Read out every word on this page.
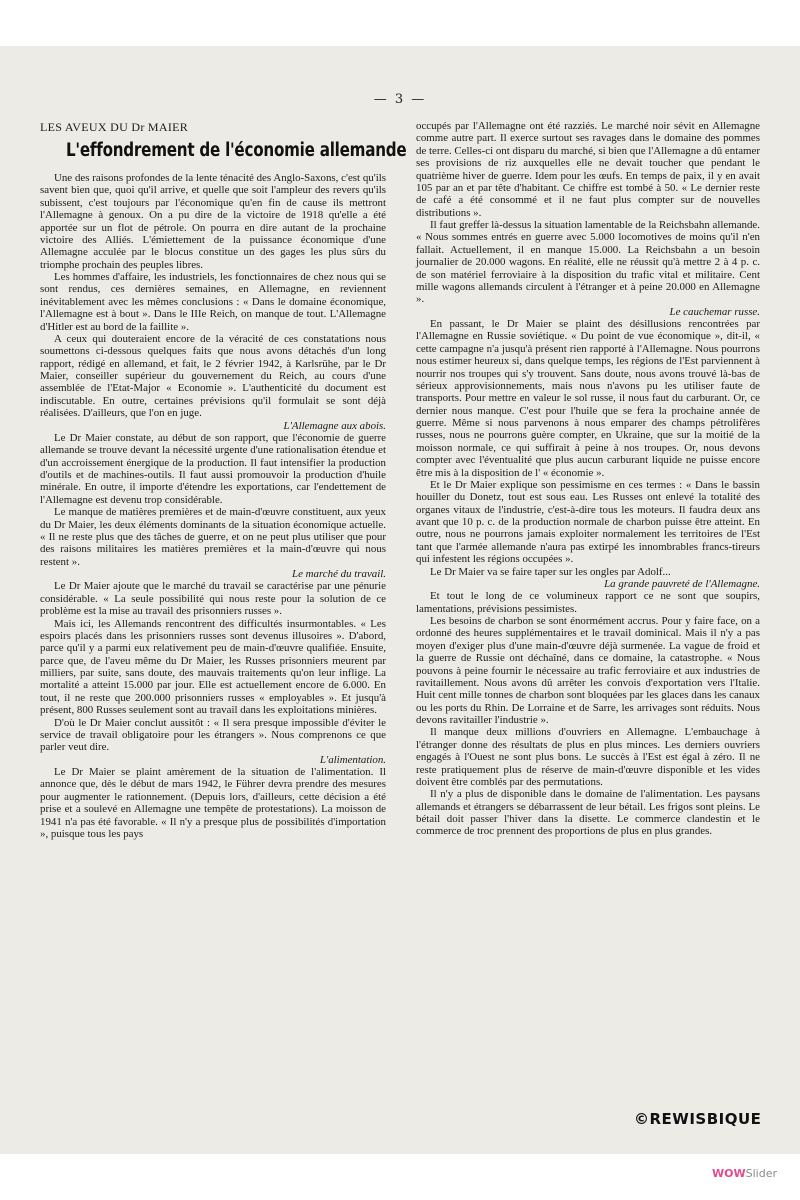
— 3 —

LES AVEUX DU Dr MAIER

L'effondrement de l'économie allemande

Une des raisons profondes de la lente ténacité des Anglo-Saxons, c'est qu'ils savent bien que, quoi qu'il arrive, et quelle que soit l'ampleur des revers qu'ils subissent, c'est toujours par l'économique qu'en fin de cause ils mettront l'Allemagne à genoux. On a pu dire de la victoire de 1918 qu'elle a été apportée sur un flot de pétrole. On pourra en dire autant de la prochaine victoire des Alliés. L'émiettement de la puissance économique d'une Allemagne acculée par le blocus constitue un des gages les plus sûrs du triomphe prochain des peuples libres.

Les hommes d'affaire, les industriels, les fonctionnaires de chez nous qui se sont rendus, ces dernières semaines, en Allemagne, en reviennent inévitablement avec les mêmes conclusions : « Dans le domaine économique, l'Allemagne est à bout ». Dans le IIIe Reich, on manque de tout. L'Allemagne d'Hitler est au bord de la faillite ».

A ceux qui douteraient encore de la véracité de ces constatations nous soumettons ci-dessous quelques faits que nous avons détachés d'un long rapport, rédigé en allemand, et fait, le 2 février 1942, à Karlsrühe, par le Dr Maier, conseiller supérieur du gouvernement du Reich, au cours d'une assemblée de l'Etat-Major « Economie ». L'authenticité du document est indiscutable. En outre, certaines prévisions qu'il formulait se sont déjà réalisées. D'ailleurs, que l'on en juge.

L'Allemagne aux abois.

Le Dr Maier constate, au début de son rapport, que l'économie de guerre allemande se trouve devant la nécessité urgente d'une rationalisation étendue et d'un accroissement énergique de la production. Il faut intensifier la production d'outils et de machines-outils. Il faut aussi promouvoir la production d'huile minérale. En outre, il importe d'étendre les exportations, car l'endettement de l'Allemagne est devenu trop considérable.

Le manque de matières premières et de main-d'œuvre constituent, aux yeux du Dr Maier, les deux éléments dominants de la situation économique actuelle. « Il ne reste plus que des tâches de guerre, et on ne peut plus utiliser que pour des raisons militaires les matières premières et la main-d'œuvre qui nous restent ».

Le marché du travail.

Le Dr Maier ajoute que le marché du travail se caractérise par une pénurie considérable. « La seule possibilité qui nous reste pour la solution de ce problème est la mise au travail des prisonniers russes ».

Mais ici, les Allemands rencontrent des difficultés insurmontables. « Les espoirs placés dans les prisonniers russes sont devenus illusoires ». D'abord, parce qu'il y a parmi eux relativement peu de main-d'œuvre qualifiée. Ensuite, parce que, de l'aveu même du Dr Maier, les Russes prisonniers meurent par milliers, par suite, sans doute, des mauvais traitements qu'on leur inflige. La mortalité a atteint 15.000 par jour. Elle est actuellement encore de 6.000. En tout, il ne reste que 200.000 prisonniers russes « employables ». Et jusqu'à présent, 800 Russes seulement sont au travail dans les exploitations minières.

D'où le Dr Maier conclut aussitôt : « Il sera presque impossible d'éviter le service de travail obligatoire pour les étrangers ». Nous comprenons ce que parler veut dire.

L'alimentation.

Le Dr Maier se plaint amèrement de la situation de l'alimentation. Il annonce que, dès le début de mars 1942, le Führer devra prendre des mesures pour augmenter le rationnement. (Depuis lors, d'ailleurs, cette décision a été prise et a soulevé en Allemagne une tempête de protestations). La moisson de 1941 n'a pas été favorable. « Il n'y a presque plus de possibilités d'importation », puisque tous les pays

occupés par l'Allemagne ont été razziés. Le marché noir sévit en Allemagne comme autre part. Il exerce surtout ses ravages dans le domaine des pommes de terre. Celles-ci ont disparu du marché, si bien que l'Allemagne a dû entamer ses provisions de riz auxquelles elle ne devait toucher que pendant le quatrième hiver de guerre. Idem pour les œufs. En temps de paix, il y en avait 105 par an et par tête d'habitant. Ce chiffre est tombé à 50. « Le dernier reste de café a été consommé et il ne faut plus compter sur de nouvelles distributions ».

Il faut greffer là-dessus la situation lamentable de la Reichsbahn allemande. « Nous sommes entrés en guerre avec 5.000 locomotives de moins qu'il n'en fallait. Actuellement, il en manque 15.000. La Reichsbahn a un besoin journalier de 20.000 wagons. En réalité, elle ne réussit qu'à mettre 2 à 4 p. c. de son matériel ferroviaire à la disposition du trafic vital et militaire. Cent mille wagons allemands circulent à l'étranger et à peine 20.000 en Allemagne ».

Le cauchemar russe.

En passant, le Dr Maier se plaint des désillusions rencontrées par l'Allemagne en Russie soviétique. « Du point de vue économique », dit-il, « cette campagne n'a jusqu'à présent rien rapporté à l'Allemagne. Nous pourrons nous estimer heureux si, dans quelque temps, les régions de l'Est parviennent à nourrir nos troupes qui s'y trouvent. Sans doute, nous avons trouvé là-bas de sérieux approvisionnements, mais nous n'avons pu les utiliser faute de transports. Pour mettre en valeur le sol russe, il nous faut du carburant. Or, ce dernier nous manque. C'est pour l'huile que se fera la prochaine année de guerre. Même si nous parvenons à nous emparer des champs pétrolifères russes, nous ne pourrons guère compter, en Ukraine, que sur la moitié de la moisson normale, ce qui suffirait à peine à nos troupes. Or, nous devons compter avec l'éventualité que plus aucun carburant liquide ne puisse encore être mis à la disposition de l' « économie ».

Et le Dr Maier explique son pessimisme en ces termes : « Dans le bassin houiller du Donetz, tout est sous eau. Les Russes ont enlevé la totalité des organes vitaux de l'industrie, c'est-à-dire tous les moteurs. Il faudra deux ans avant que 10 p. c. de la production normale de charbon puisse être atteint. En outre, nous ne pourrons jamais exploiter normalement les territoires de l'Est tant que l'armée allemande n'aura pas extirpé les innombrables francs-tireurs qui infestent les régions occupées ».

Le Dr Maier va se faire taper sur les ongles par Adolf...

La grande pauvreté de l'Allemagne.

Et tout le long de ce volumineux rapport ce ne sont que soupirs, lamentations, prévisions pessimistes.

Les besoins de charbon se sont énormément accrus. Pour y faire face, on a ordonné des heures supplémentaires et le travail dominical. Mais il n'y a pas moyen d'exiger plus d'une main-d'œuvre déjà surmenée. La vague de froid et la guerre de Russie ont déchaîné, dans ce domaine, la catastrophe. « Nous pouvons à peine fournir le nécessaire au trafic ferroviaire et aux industries de ravitaillement. Nous avons dû arrêter les convois d'exportation vers l'Italie. Huit cent mille tonnes de charbon sont bloquées par les glaces dans les canaux ou les ports du Rhin. De Lorraine et de Sarre, les arrivages sont réduits. Nous devons ravitailler l'industrie ».

Il manque deux millions d'ouvriers en Allemagne. L'embauchage à l'étranger donne des résultats de plus en plus minces. Les derniers ouvriers engagés à l'Ouest ne sont plus bons. Le succès à l'Est est égal à zéro. Il ne reste pratiquement plus de réserve de main-d'œuvre disponible et les vides doivent être comblés par des permutations.

Il n'y a plus de disponible dans le domaine de l'alimentation. Les paysans allemands et étrangers se débarrassent de leur bétail. Les frigos sont pleins. Le bétail doit passer l'hiver dans la disette. Le commerce clandestin et le commerce de troc prennent des proportions de plus en plus grandes.

©REWISBIQUE
WOWSlider
